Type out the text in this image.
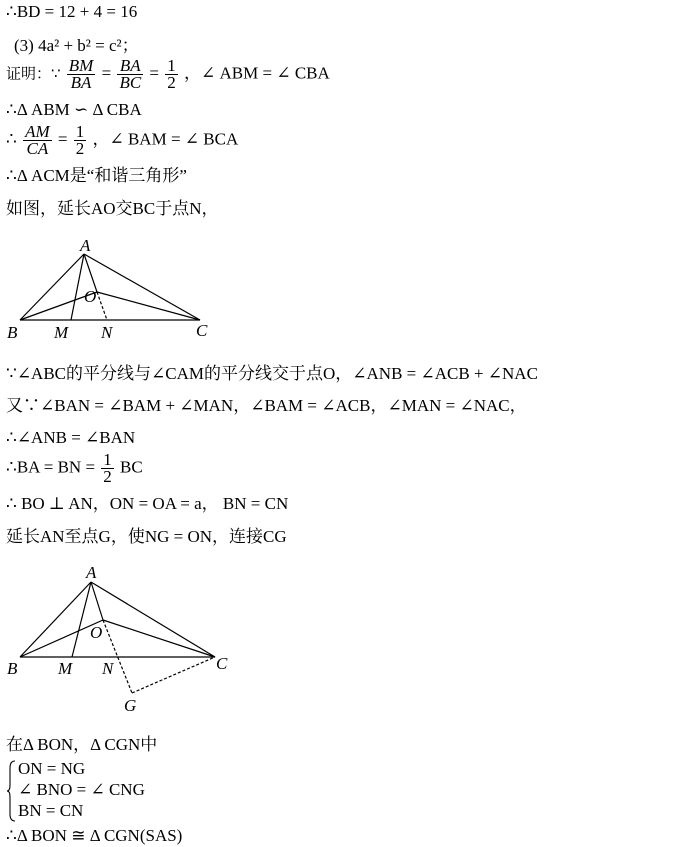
∴BD = 12 + 4 = 16
(3) 4a² + b² = c²；
证明：∵ $\frac{BM}{BA} = \frac{BA}{BC} = \frac{1}{2}$ ，∠ ABM = ∠ CBA
∴Δ ABM ∽ Δ CBA
∴ $\frac{AM}{CA} = \frac{1}{2}$ ，∠ BAM = ∠ BCA
∴Δ ACM是“和谐三角形”
如图，延长AO交BC于点N，
A
O
B M N	C
∵∠ABC的平分线与∠CAM的平分线交于点O，∠ANB = ∠ACB + ∠NAC
又∵∠BAN = ∠BAM + ∠MAN，∠BAM = ∠ACB，∠MAN = ∠NAC，
∴∠ANB = ∠BAN
∴BA = BN = $\frac{1}{2}$ BC
∴ BO ⊥ AN，ON = OA = a， BN = CN
延长AN至点G，使NG = ON，连接CG
A
O
B M N	C
G
在Δ BON，Δ CGN中
ON = NG
∠ BNO = ∠ CNG
BN = CN
∴Δ BON ≅ Δ CGN(SAS)
